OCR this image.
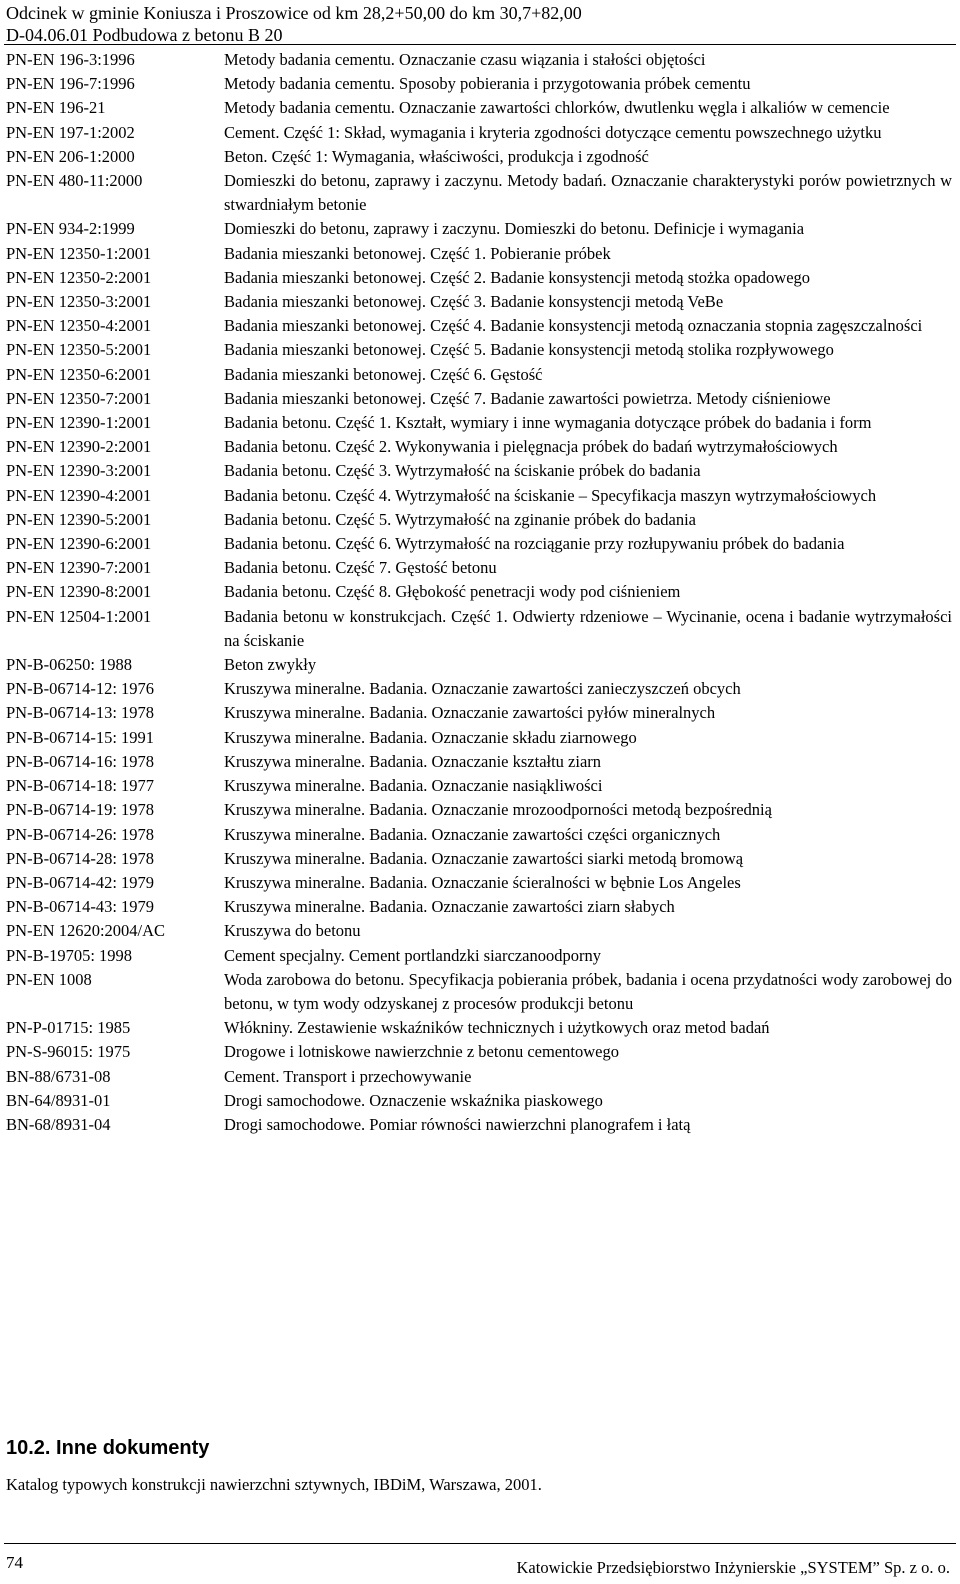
Odcinek w gminie Koniusza i Proszowice od km 28,2+50,00 do km 30,7+82,00
D-04.06.01 Podbudowa z betonu B 20
PN-EN 196-3:1996	Metody badania cementu. Oznaczanie czasu wiązania i stałości objętości
PN-EN 196-7:1996	Metody badania cementu. Sposoby pobierania i przygotowania próbek cementu
PN-EN 196-21	Metody badania cementu. Oznaczanie zawartości chlorków, dwutlenku węgla i alkaliów w cemencie
PN-EN 197-1:2002	Cement. Część 1: Skład, wymagania i kryteria zgodności dotyczące cementu powszechnego użytku
PN-EN 206-1:2000	Beton. Część 1: Wymagania, właściwości, produkcja i zgodność
PN-EN 480-11:2000	Domieszki do betonu, zaprawy i zaczynu. Metody badań. Oznaczanie charakterystyki porów powietrznych w stwardniałym betonie
PN-EN 934-2:1999	Domieszki do betonu, zaprawy i zaczynu. Domieszki do betonu. Definicje i wymagania
PN-EN 12350-1:2001	Badania mieszanki betonowej. Część 1. Pobieranie próbek
PN-EN 12350-2:2001	Badania mieszanki betonowej. Część 2. Badanie konsystencji metodą stożka opadowego
PN-EN 12350-3:2001	Badania mieszanki betonowej. Część 3. Badanie konsystencji metodą VeBe
PN-EN 12350-4:2001	Badania mieszanki betonowej. Część 4. Badanie konsystencji metodą oznaczania stopnia zagęszczalności
PN-EN 12350-5:2001	Badania mieszanki betonowej. Część 5. Badanie konsystencji metodą stolika rozpływowego
PN-EN 12350-6:2001	Badania mieszanki betonowej. Część 6. Gęstość
PN-EN 12350-7:2001	Badania mieszanki betonowej. Część 7. Badanie zawartości powietrza. Metody ciśnieniowe
PN-EN 12390-1:2001	Badania betonu. Część 1. Kształt, wymiary i inne wymagania dotyczące próbek do badania i form
PN-EN 12390-2:2001	Badania betonu. Część 2. Wykonywania i pielęgnacja próbek do badań wytrzymałościowych
PN-EN 12390-3:2001	Badania betonu. Część 3. Wytrzymałość na ściskanie próbek do badania
PN-EN 12390-4:2001	Badania betonu. Część 4. Wytrzymałość na ściskanie – Specyfikacja maszyn wytrzymałościowych
PN-EN 12390-5:2001	Badania betonu. Część 5. Wytrzymałość na zginanie próbek do badania
PN-EN 12390-6:2001	Badania betonu. Część 6. Wytrzymałość na rozciąganie przy rozłupywaniu próbek do badania
PN-EN 12390-7:2001	Badania betonu. Część 7. Gęstość betonu
PN-EN 12390-8:2001	Badania betonu. Część 8. Głębokość penetracji wody pod ciśnieniem
PN-EN 12504-1:2001	Badania betonu w konstrukcjach. Część 1. Odwierty rdzeniowe – Wycinanie, ocena i badanie wytrzymałości na ściskanie
PN-B-06250: 1988	Beton zwykły
PN-B-06714-12: 1976	Kruszywa mineralne. Badania. Oznaczanie zawartości zanieczyszczeń obcych
PN-B-06714-13: 1978	Kruszywa mineralne. Badania. Oznaczanie zawartości pyłów mineralnych
PN-B-06714-15: 1991	Kruszywa mineralne. Badania. Oznaczanie składu ziarnowego
PN-B-06714-16: 1978	Kruszywa mineralne. Badania. Oznaczanie kształtu ziarn
PN-B-06714-18: 1977	Kruszywa mineralne. Badania. Oznaczanie nasiąkliwości
PN-B-06714-19: 1978	Kruszywa mineralne. Badania. Oznaczanie mrozoodporności metodą bezpośrednią
PN-B-06714-26: 1978	Kruszywa mineralne. Badania. Oznaczanie zawartości części organicznych
PN-B-06714-28: 1978	Kruszywa mineralne. Badania. Oznaczanie zawartości siarki metodą bromową
PN-B-06714-42: 1979	Kruszywa mineralne. Badania. Oznaczanie ścieralności w bębnie Los Angeles
PN-B-06714-43: 1979	Kruszywa mineralne. Badania. Oznaczanie zawartości ziarn słabych
PN-EN 12620:2004/AC	Kruszywa do betonu
PN-B-19705: 1998	Cement specjalny. Cement portlandzki siarczanoodporny
PN-EN 1008	Woda zarobowa do betonu. Specyfikacja pobierania próbek, badania i ocena przydatności wody zarobowej do betonu, w tym wody odzyskanej z procesów produkcji betonu
PN-P-01715: 1985	Włókniny. Zestawienie wskaźników technicznych i użytkowych oraz metod badań
PN-S-96015: 1975	Drogowe i lotniskowe nawierzchnie z betonu cementowego
BN-88/6731-08	Cement. Transport i przechowywanie
BN-64/8931-01	Drogi samochodowe. Oznaczenie wskaźnika piaskowego
BN-68/8931-04	Drogi samochodowe. Pomiar równości nawierzchni planografem i łatą
10.2. Inne dokumenty
Katalog typowych konstrukcji nawierzchni sztywnych, IBDiM, Warszawa, 2001.
74	Katowickie Przedsiębiorstwo Inżynierskie „SYSTEM” Sp. z o. o.
